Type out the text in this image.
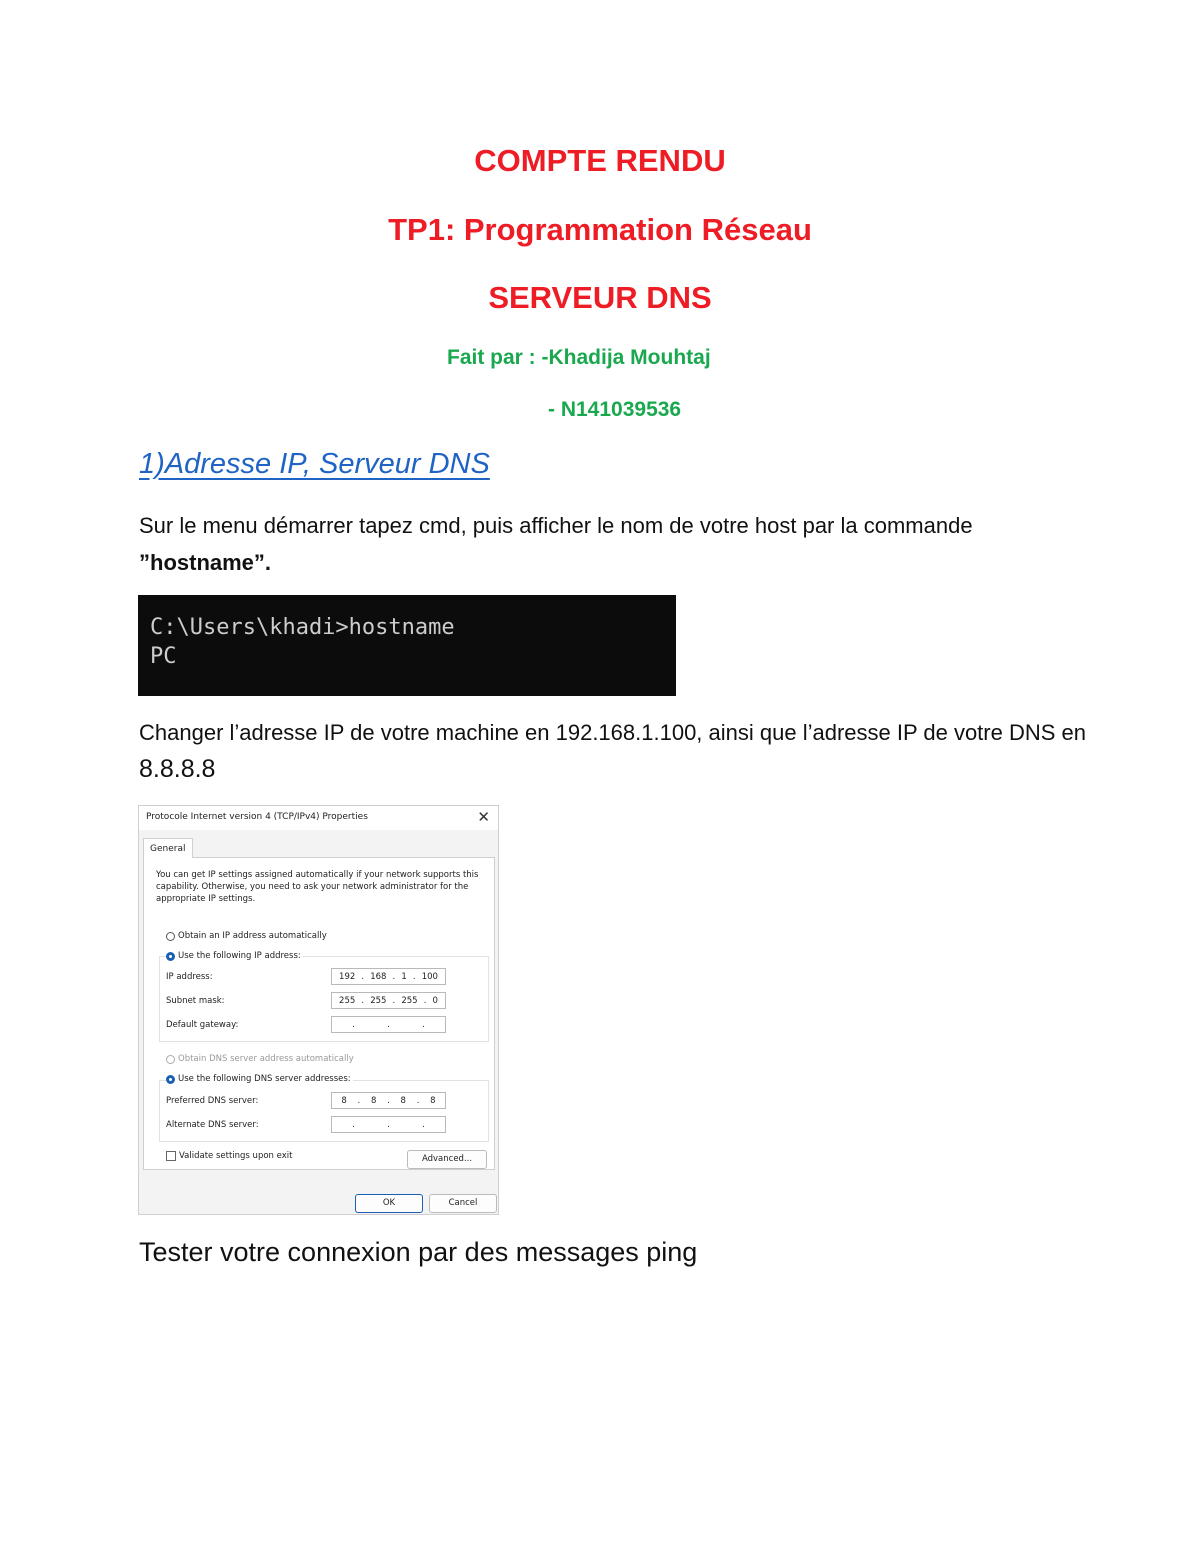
COMPTE RENDU
TP1: Programmation Réseau
SERVEUR DNS

Fait par : -Khadija Mouhtaj

- N141039536

1)Adresse IP, Serveur DNS

Sur le menu démarrer tapez cmd, puis afficher le nom de votre host par la commande ”hostname”.

C:\Users\khadi>hostname
PC

Changer l’adresse IP de votre machine en 192.168.1.100, ainsi que l’adresse IP de votre DNS en 8.8.8.8

Protocole Internet version 4 (TCP/IPv4) Properties	✕
General
You can get IP settings assigned automatically if your network supports this capability. Otherwise, you need to ask your network administrator for the appropriate IP settings.
Obtain an IP address automatically
Use the following IP address:
IP address:	192 . 168 . 1 . 100
Subnet mask:	255 . 255 . 255 . 0
Default gateway:	.	.	.
Obtain DNS server address automatically
Use the following DNS server addresses:
Preferred DNS server:	8 . 8 . 8 . 8
Alternate DNS server:	.	.	.
Validate settings upon exit	Advanced...
OK	Cancel

Tester votre connexion par des messages ping
